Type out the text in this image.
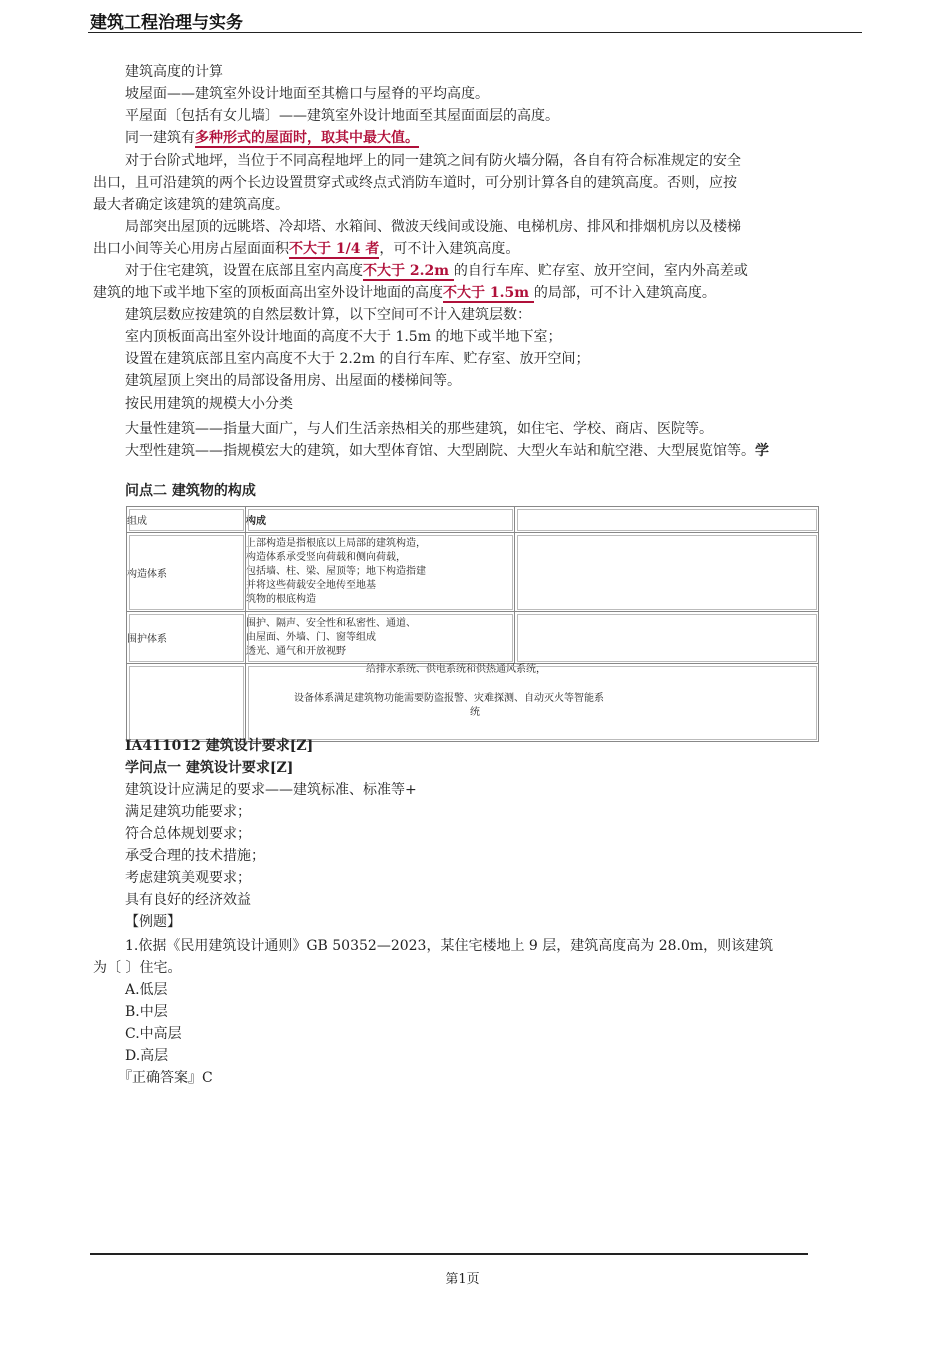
建筑工程治理与实务
建筑高度的计算
坡屋面——建筑室外设计地面至其檐口与屋脊的平均高度。
平屋面〔包括有女儿墙〕——建筑室外设计地面至其屋面面层的高度。
同一建筑有多种形式的屋面时，取其中最大值。
对于台阶式地坪，当位于不同高程地坪上的同一建筑之间有防火墙分隔，各自有符合标准规定的安全
出口，且可沿建筑的两个长边设置贯穿式或终点式消防车道时，可分别计算各自的建筑高度。否则，应按
最大者确定该建筑的建筑高度。
局部突出屋顶的远眺塔、冷却塔、水箱间、微波天线间或设施、电梯机房、排风和排烟机房以及楼梯
出口小间等关心用房占屋面面积不大于 1/4 者，可不计入建筑高度。
对于住宅建筑，设置在底部且室内高度不大于 2.2m 的自行车库、贮存室、放开空间，室内外高差或
建筑的地下或半地下室的顶板面高出室外设计地面的高度不大于 1.5m 的局部，可不计入建筑高度。
建筑层数应按建筑的自然层数计算，以下空间可不计入建筑层数：
室内顶板面高出室外设计地面的高度不大于 1.5m 的地下或半地下室；
设置在建筑底部且室内高度不大于 2.2m 的自行车库、贮存室、放开空间；
建筑屋顶上突出的局部设备用房、出屋面的楼梯间等。
按民用建筑的规模大小分类
大量性建筑——指量大面广，与人们生活亲热相关的那些建筑，如住宅、学校、商店、医院等。
大型性建筑——指规模宏大的建筑，如大型体育馆、大型剧院、大型火车站和航空港、大型展览馆等。学
问点二 建筑物的构成
组成	构成	
构造体系	上部构造是指根底以上局部的建筑构造，
构造体系承受竖向荷载和侧向荷载，
包括墙、柱、梁、屋顶等；地下构造指建
并将这些荷载安全地传至地基
筑物的根底构造	

围护体系	围护、隔声、安全性和私密性、通道、
由屋面、外墙、门、窗等组成
透光、通气和开放视野	

	给排水系统、供电系统和供热通风系统，
设备体系满足建筑物功能需要防盗报警、灾难探测、自动灭火等智能系
统	
IA411012 建筑设计要求[Z]
学问点一 建筑设计要求[Z]
建筑设计应满足的要求——建筑标准、标准等+
满足建筑功能要求；
符合总体规划要求；
承受合理的技术措施；
考虑建筑美观要求；
具有良好的经济效益
【例题】
1.依据《民用建筑设计通则》GB 50352—2023，某住宅楼地上 9 层，建筑高度高为 28.0m，则该建筑
为〔 〕住宅。
A.低层
B.中层
C.中高层
D.高层
『正确答案』C
第1页
